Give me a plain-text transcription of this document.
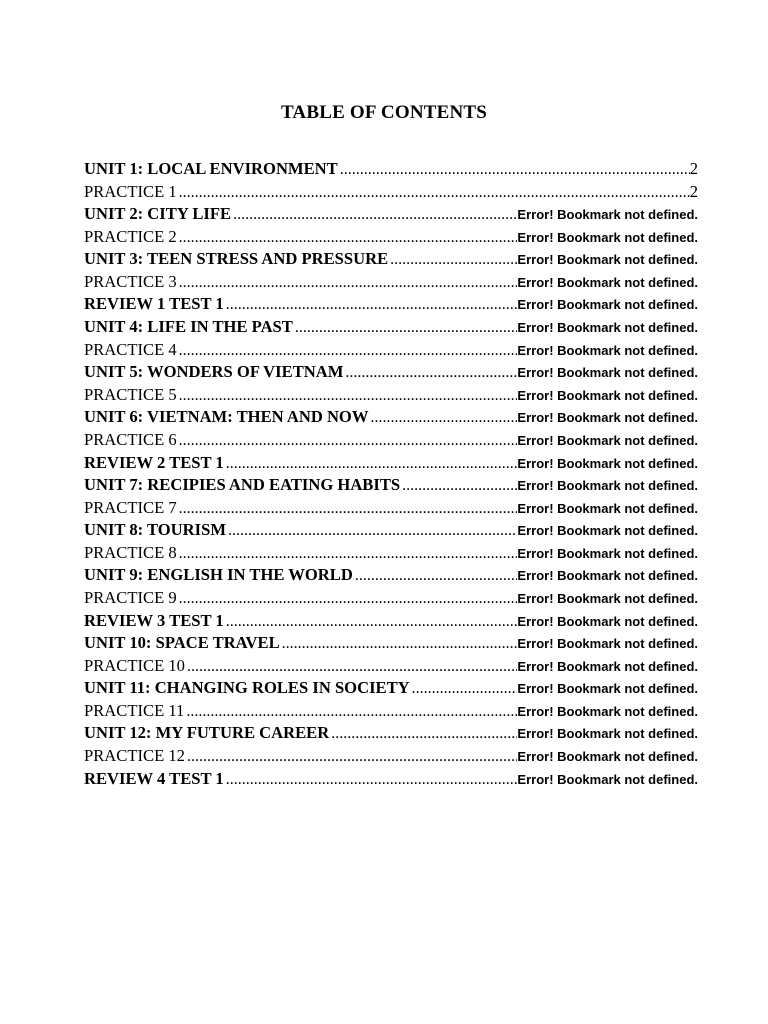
TABLE OF CONTENTS
UNIT 1: LOCAL ENVIRONMENT .....	2
PRACTICE 1 .....	2
UNIT 2: CITY LIFE .....	Error! Bookmark not defined.
PRACTICE 2 .....	Error! Bookmark not defined.
UNIT 3: TEEN STRESS AND PRESSURE .....	Error! Bookmark not defined.
PRACTICE 3 .....	Error! Bookmark not defined.
REVIEW 1 TEST 1 .....	Error! Bookmark not defined.
UNIT 4: LIFE IN THE PAST .....	Error! Bookmark not defined.
PRACTICE 4 .....	Error! Bookmark not defined.
UNIT 5: WONDERS OF VIETNAM .....	Error! Bookmark not defined.
PRACTICE 5 .....	Error! Bookmark not defined.
UNIT 6: VIETNAM: THEN AND NOW .....	Error! Bookmark not defined.
PRACTICE 6 .....	Error! Bookmark not defined.
REVIEW 2 TEST 1 .....	Error! Bookmark not defined.
UNIT 7: RECIPIES AND EATING HABITS .....	Error! Bookmark not defined.
PRACTICE 7 .....	Error! Bookmark not defined.
UNIT 8: TOURISM .....	Error! Bookmark not defined.
PRACTICE 8 .....	Error! Bookmark not defined.
UNIT 9: ENGLISH IN THE WORLD .....	Error! Bookmark not defined.
PRACTICE 9 .....	Error! Bookmark not defined.
REVIEW 3 TEST 1 .....	Error! Bookmark not defined.
UNIT 10: SPACE TRAVEL .....	Error! Bookmark not defined.
PRACTICE 10 .....	Error! Bookmark not defined.
UNIT 11: CHANGING ROLES IN SOCIETY .....	Error! Bookmark not defined.
PRACTICE 11 .....	Error! Bookmark not defined.
UNIT 12: MY FUTURE CAREER .....	Error! Bookmark not defined.
PRACTICE 12 .....	Error! Bookmark not defined.
REVIEW 4 TEST 1 .....	Error! Bookmark not defined.
